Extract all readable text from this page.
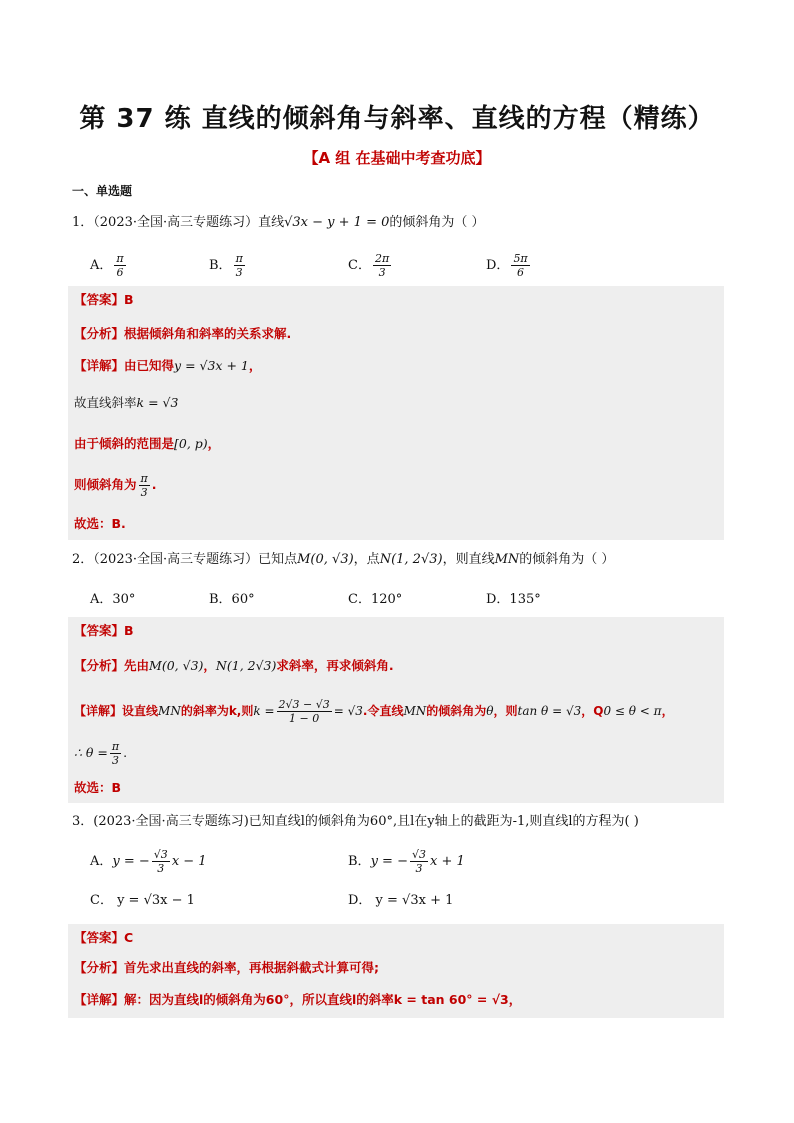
第 37 练 直线的倾斜角与斜率、直线的方程（精练）
【A 组 在基础中考查功底】
一、单选题
1．（2023·全国·高三专题练习）直线√3x − y + 1 = 0的倾斜角为（ ）
A． $\frac{\pi}{6}$	B． $\frac{\pi}{3}$	C． $\frac{2\pi}{3}$	D． $\frac{5\pi}{6}$
【答案】B
【分析】根据倾斜角和斜率的关系求解.
【详解】由已知得y = √3x + 1，
故直线斜率k = √3
由于倾斜的范围是[0, p)，
则倾斜角为 $\frac{\pi}{3}$ .
故选：B.
2．（2023·全国·高三专题练习）已知点M(0, √3)，点N(1, 2√3)，则直线MN的倾斜角为（ ）
A．30°	B．60°	C．120°	D．135°
【答案】B
【分析】先由M(0, √3)，N(1, 2√3)求斜率，再求倾斜角.
【详解】设直线MN的斜率为k,则$k = \frac{2√3 - √3}{1 - 0} = √3$.令直线MN的倾斜角为θ，则tan θ = √3，Q0 ≤ θ < π，
∴ $\theta = \frac{\pi}{3}$ .
故选：B
3．(2023·全国·高三专题练习)已知直线l的倾斜角为60°,且l在y轴上的截距为-1,则直线l的方程为( )
A．y = − $\frac{√3}{3}$ x − 1	B．y = − $\frac{√3}{3}$ x + 1
C． y = √3x − 1	D． y = √3x + 1
【答案】C
【分析】首先求出直线的斜率，再根据斜截式计算可得;
【详解】解：因为直线l的倾斜角为60°，所以直线l的斜率k = tan 60° = √3，
